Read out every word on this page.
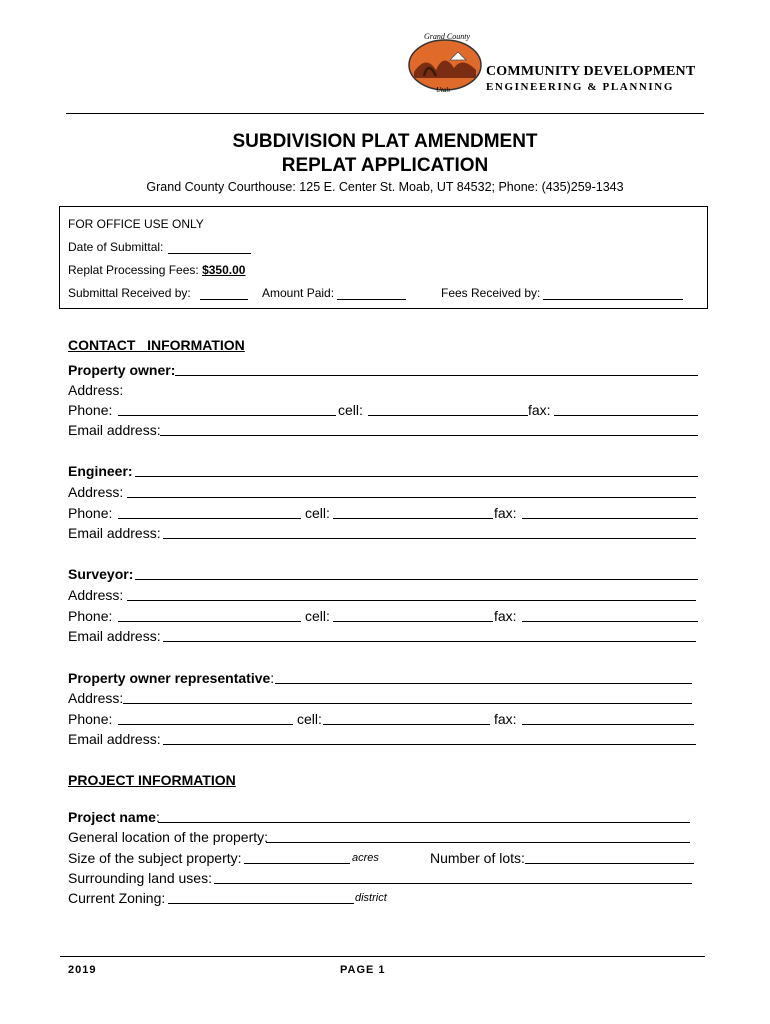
Grand County
Utah
COMMUNITY DEVELOPMENT
ENGINEERING & PLANNING
SUBDIVISION PLAT AMENDMENT
REPLAT APPLICATION
Grand County Courthouse: 125 E. Center St. Moab, UT 84532; Phone: (435)259-1343
FOR OFFICE USE ONLY
Date of Submittal:
Replat Processing Fees: $350.00
Submittal Received by:	Amount Paid:	Fees Received by:
CONTACT   INFORMATION
Property owner:
Address:
Phone:	cell:	fax:
Email address:
Engineer:
Address:
Phone:	cell:	fax:
Email address:
Surveyor:
Address:
Phone:	cell:	fax:
Email address:
Property owner representative:
Address:
Phone:	cell:	fax:
Email address:
PROJECT INFORMATION
Project name:
General location of the property:
Size of the subject property:	acres	Number of lots:
Surrounding land uses:
Current Zoning:	district
2019	PAGE 1
